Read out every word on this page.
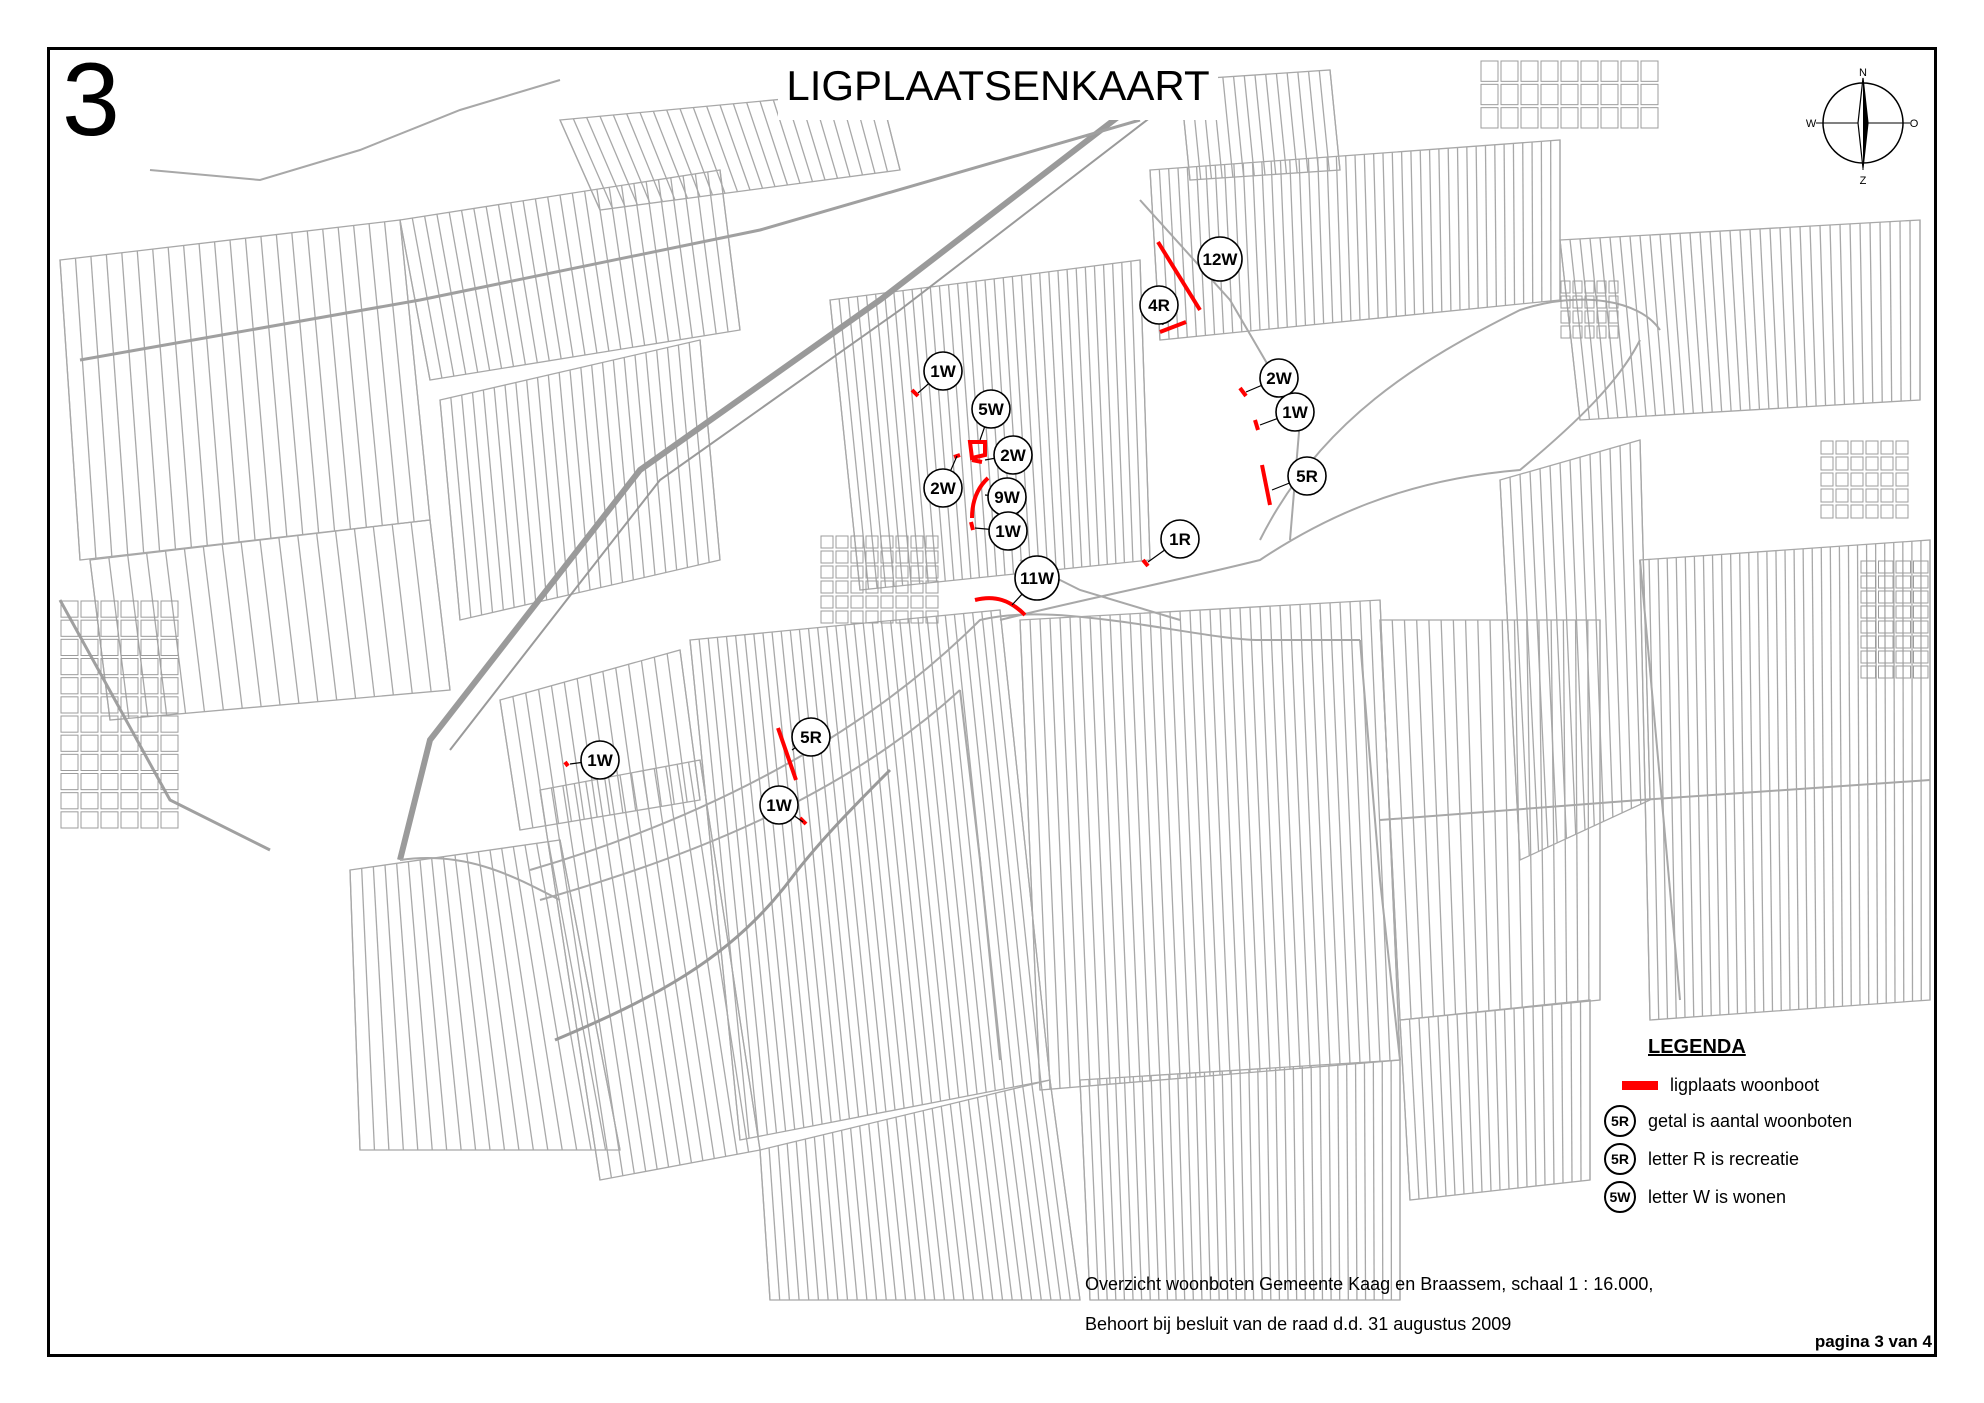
12W
4R
1W	2W
1W
5W
2W
5R
2W 9W
1W	1R
11W
5R
1W
1W
3	LIGPLAATSENKAART	N
Z
W	O
LEGENDA
ligplaats woonboot
5R	getal is aantal woonboten
5R	letter R is recreatie
5W letter W is wonen
Overzicht woonboten Gemeente Kaag en Braassem, schaal 1 : 16.000,
Behoort bij besluit van de raad d.d. 31 augustus 2009
pagina 3 van 4
